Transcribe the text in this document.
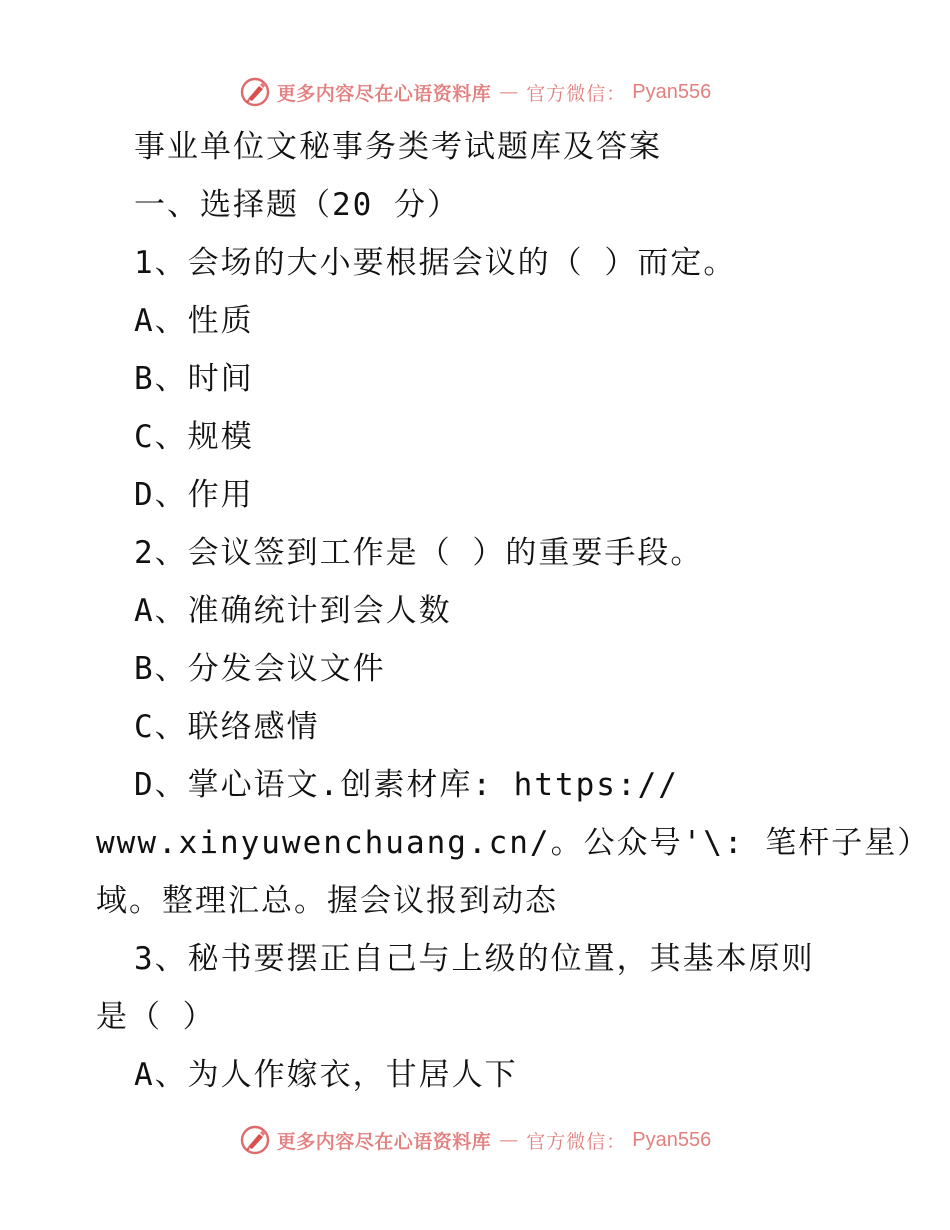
更多内容尽在心语资料库 — 官方微信： Pyan556
事业单位文秘事务类考试题库及答案
一、选择题（20 分）
1、会场的大小要根据会议的（ ）而定。
A、性质
B、时间
C、规模
D、作用
2、会议签到工作是（ ）的重要手段。
A、准确统计到会人数
B、分发会议文件
C、联络感情
D、掌心语文.创素材库: https://
www.xinyuwenchuang.cn/。公众号'\: 笔杆子星）
域。整理汇总。握会议报到动态
3、秘书要摆正自己与上级的位置，其基本原则
是（ ）
A、为人作嫁衣，甘居人下
更多内容尽在心语资料库 — 官方微信： Pyan556
